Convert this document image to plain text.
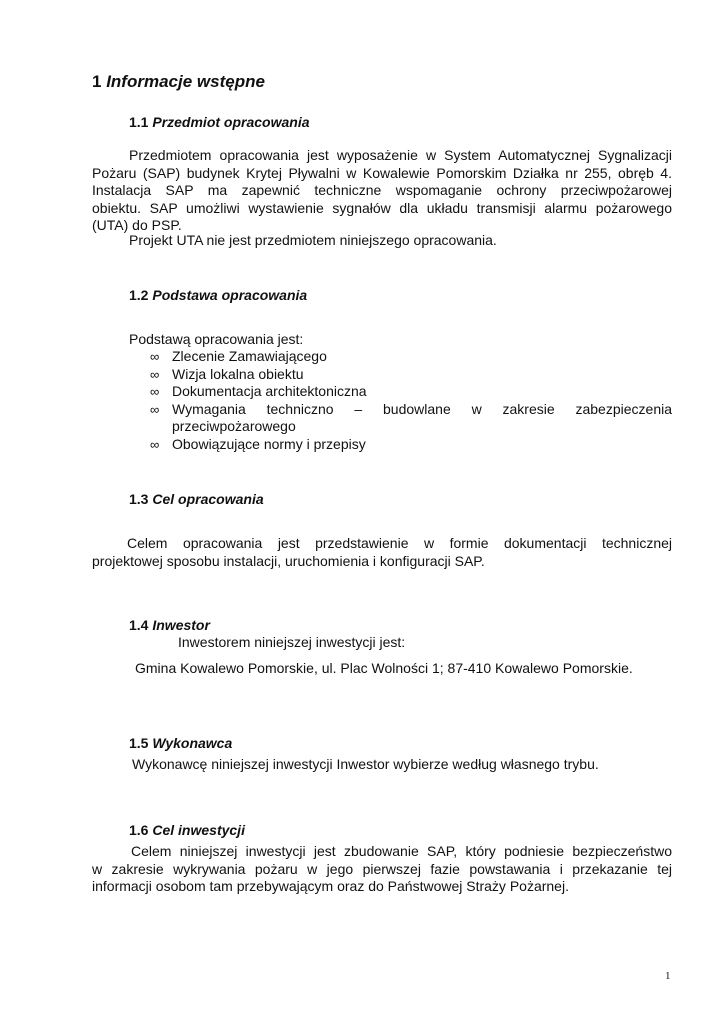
1 Informacje wstępne
1.1 Przedmiot opracowania
Przedmiotem opracowania jest wyposażenie w System Automatycznej Sygnalizacji
Pożaru (SAP) budynek Krytej Pływalni w Kowalewie Pomorskim Działka nr 255, obręb 4.
Instalacja SAP ma zapewnić techniczne wspomaganie ochrony przeciwpożarowej
obiektu. SAP umożliwi wystawienie sygnałów dla układu transmisji alarmu pożarowego
(UTA) do PSP.
Projekt UTA nie jest przedmiotem niniejszego opracowania.
1.2 Podstawa opracowania
Podstawą opracowania jest:
∞ Zlecenie Zamawiającego
∞ Wizja lokalna obiektu
∞ Dokumentacja architektoniczna
∞ Wymagania techniczno – budowlane w zakresie zabezpieczenia
przeciwpożarowego
∞ Obowiązujące normy i przepisy
1.3 Cel opracowania
Celem opracowania jest przedstawienie w formie dokumentacji technicznej
projektowej sposobu instalacji, uruchomienia i konfiguracji SAP.
1.4 Inwestor
Inwestorem niniejszej inwestycji jest:
Gmina Kowalewo Pomorskie, ul. Plac Wolności 1; 87-410 Kowalewo Pomorskie.
1.5 Wykonawca
Wykonawcę niniejszej inwestycji Inwestor wybierze według własnego trybu.
1.6 Cel inwestycji
Celem niniejszej inwestycji jest zbudowanie SAP, który podniesie bezpieczeństwo
w zakresie wykrywania pożaru w jego pierwszej fazie powstawania i przekazanie tej
informacji osobom tam przebywającym oraz do Państwowej Straży Pożarnej.
1
